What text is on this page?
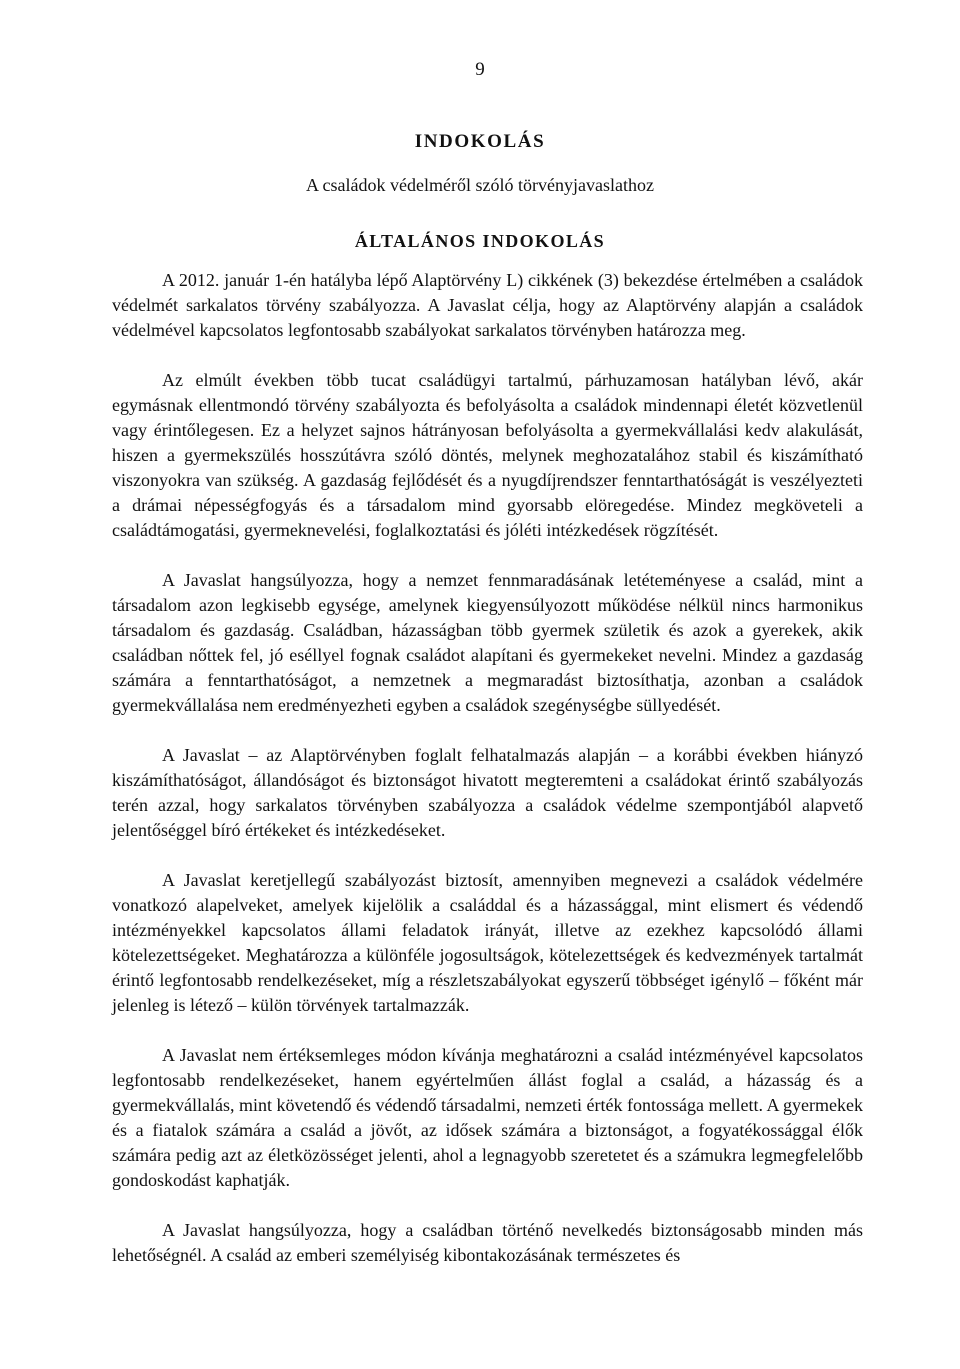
9
INDOKOLÁS
A családok védelméről szóló törvényjavaslathoz
ÁLTALÁNOS INDOKOLÁS

A 2012. január 1-én hatályba lépő Alaptörvény L) cikkének (3) bekezdése értelmében a családok védelmét sarkalatos törvény szabályozza. A Javaslat célja, hogy az Alaptörvény alapján a családok védelmével kapcsolatos legfontosabb szabályokat sarkalatos törvényben határozza meg.

Az elmúlt években több tucat családügyi tartalmú, párhuzamosan hatályban lévő, akár egymásnak ellentmondó törvény szabályozta és befolyásolta a családok mindennapi életét közvetlenül vagy érintőlegesen. Ez a helyzet sajnos hátrányosan befolyásolta a gyermekvállalási kedv alakulását, hiszen a gyermekszülés hosszútávra szóló döntés, melynek meghozatalához stabil és kiszámítható viszonyokra van szükség. A gazdaság fejlődését és a nyugdíjrendszer fenntarthatóságát is veszélyezteti a drámai népességfogyás és a társadalom mind gyorsabb elöregedése. Mindez megköveteli a családtámogatási, gyermeknevelési, foglalkoztatási és jóléti intézkedések rögzítését.

A Javaslat hangsúlyozza, hogy a nemzet fennmaradásának letéteményese a család, mint a társadalom azon legkisebb egysége, amelynek kiegyensúlyozott működése nélkül nincs harmonikus társadalom és gazdaság. Családban, házasságban több gyermek születik és azok a gyerekek, akik családban nőttek fel, jó eséllyel fognak családot alapítani és gyermekeket nevelni. Mindez a gazdaság számára a fenntarthatóságot, a nemzetnek a megmaradást biztosíthatja, azonban a családok gyermekvállalása nem eredményezheti egyben a családok szegénységbe süllyedését.

A Javaslat – az Alaptörvényben foglalt felhatalmazás alapján – a korábbi években hiányzó kiszámíthatóságot, állandóságot és biztonságot hivatott megteremteni a családokat érintő szabályozás terén azzal, hogy sarkalatos törvényben szabályozza a családok védelme szempontjából alapvető jelentőséggel bíró értékeket és intézkedéseket.

A Javaslat keretjellegű szabályozást biztosít, amennyiben megnevezi a családok védelmére vonatkozó alapelveket, amelyek kijelölik a családdal és a házassággal, mint elismert és védendő intézményekkel kapcsolatos állami feladatok irányát, illetve az ezekhez kapcsolódó állami kötelezettségeket. Meghatározza a különféle jogosultságok, kötelezettségek és kedvezmények tartalmát érintő legfontosabb rendelkezéseket, míg a részletszabályokat egyszerű többséget igénylő – főként már jelenleg is létező – külön törvények tartalmazzák.

A Javaslat nem értéksemleges módon kívánja meghatározni a család intézményével kapcsolatos legfontosabb rendelkezéseket, hanem egyértelműen állást foglal a család, a házasság és a gyermekvállalás, mint követendő és védendő társadalmi, nemzeti érték fontossága mellett. A gyermekek és a fiatalok számára a család a jövőt, az idősek számára a biztonságot, a fogyatékossággal élők számára pedig azt az életközösséget jelenti, ahol a legnagyobb szeretetet és a számukra legmegfelelőbb gondoskodást kaphatják.

A Javaslat hangsúlyozza, hogy a családban történő nevelkedés biztonságosabb minden más lehetőségnél. A család az emberi személyiség kibontakozásának természetes és
